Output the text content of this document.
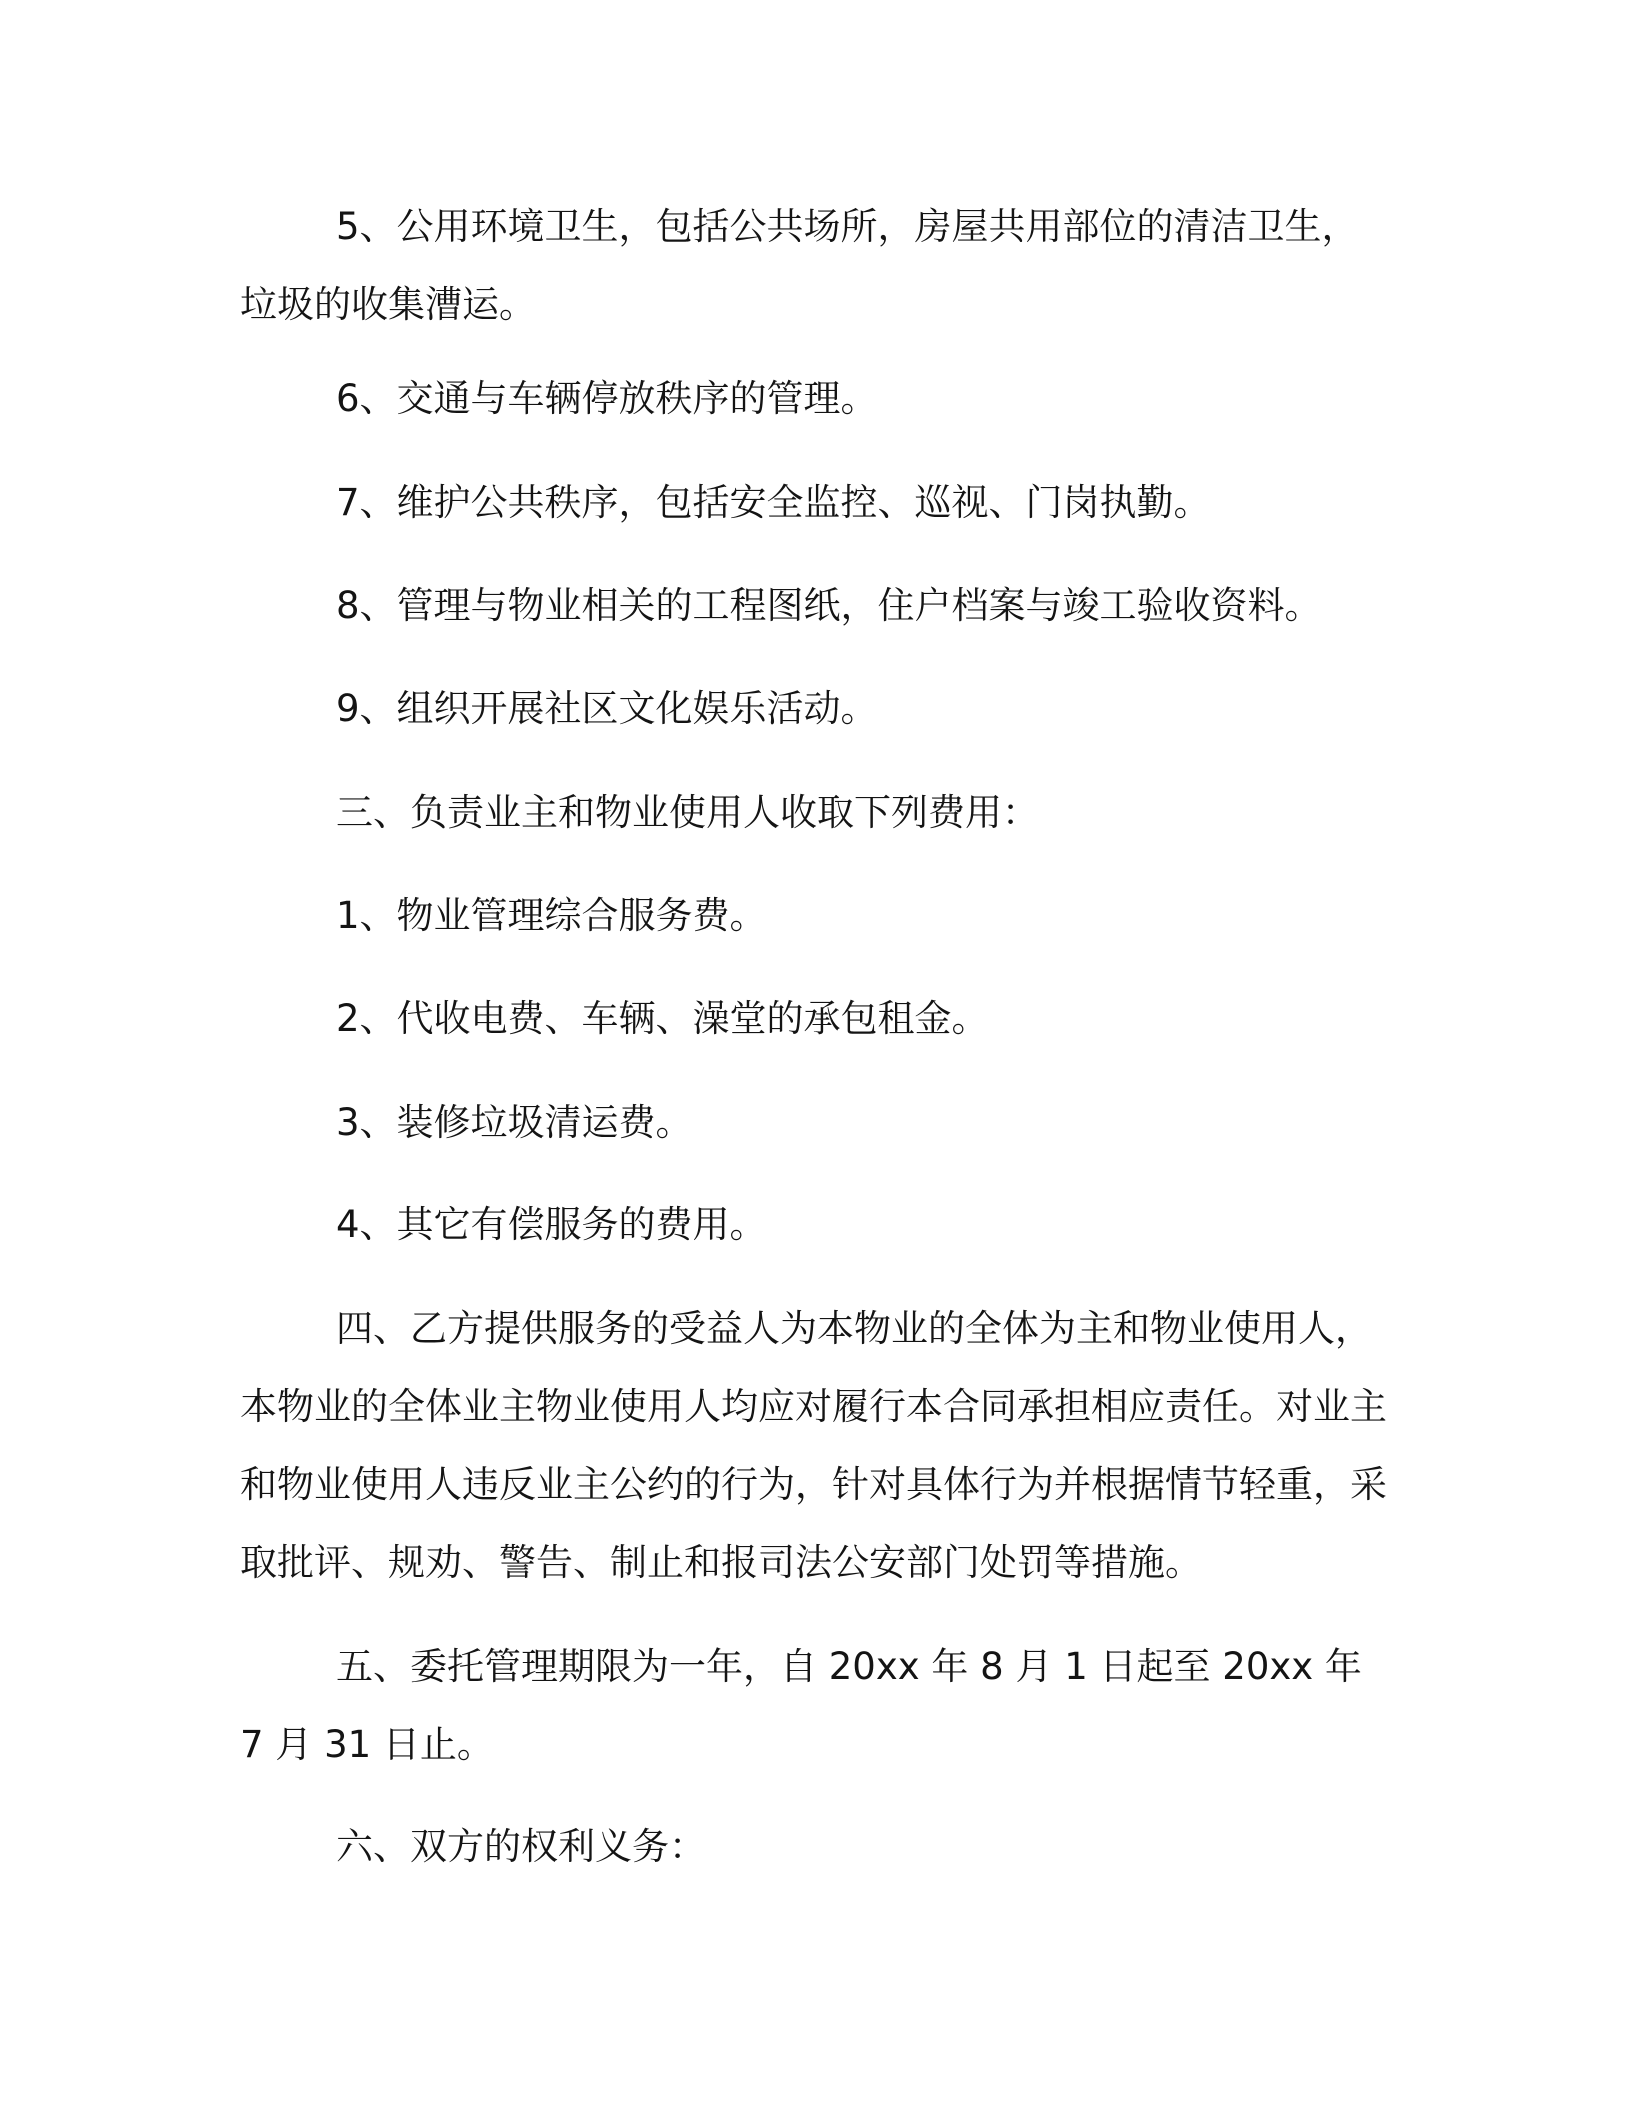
5、公用环境卫生，包括公共场所，房屋共用部位的清洁卫生，垃圾的收集漕运。

6、交通与车辆停放秩序的管理。

7、维护公共秩序，包括安全监控、巡视、门岗执勤。

8、管理与物业相关的工程图纸，住户档案与竣工验收资料。

9、组织开展社区文化娱乐活动。

三、负责业主和物业使用人收取下列费用：

1、物业管理综合服务费。

2、代收电费、车辆、澡堂的承包租金。

3、装修垃圾清运费。

4、其它有偿服务的费用。

四、乙方提供服务的受益人为本物业的全体为主和物业使用人，本物业的全体业主物业使用人均应对履行本合同承担相应责任。对业主和物业使用人违反业主公约的行为，针对具体行为并根据情节轻重，采取批评、规劝、警告、制止和报司法公安部门处罚等措施。

五、委托管理期限为一年，自 20xx 年 8 月 1 日起至 20xx 年 7 月 31 日止。

六、双方的权利义务：
